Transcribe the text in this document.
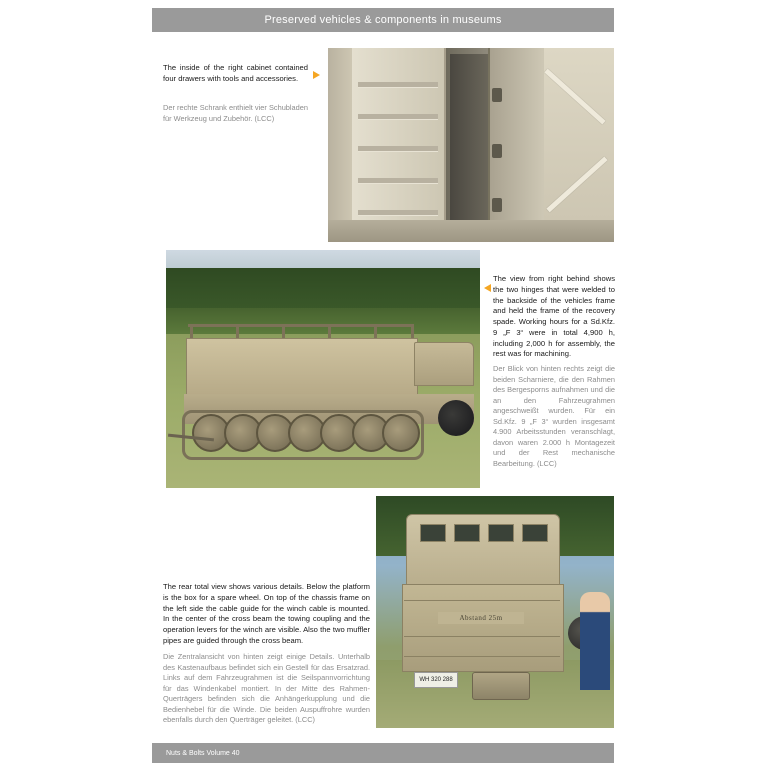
Preserved vehicles & components in museums
The inside of the right cabinet contained four drawers with tools and accessories.
Der rechte Schrank enthielt vier Schubladen für Werkzeug und Zubehör. (LCC)
The view from right behind shows the two hinges that were welded to the backside of the vehicles frame and held the frame of the recovery spade. Working hours for a Sd.Kfz. 9 „F 3“ were in total 4,900 h, including 2,000 h for assembly, the rest was for machining.
Der Blick von hinten rechts zeigt die beiden Scharniere, die den Rahmen des Bergesporns aufnahmen und die an den Fahrzeugrahmen angeschweißt wurden. Für ein Sd.Kfz. 9 „F 3“ wurden insgesamt 4.900 Arbeitsstunden veranschlagt, davon waren 2.000 h Montagezeit und der Rest mechanische Bearbeitung. (LCC)
Abstand 25m
WH 320 288
The rear total view shows various details. Below the platform is the box for a spare wheel. On top of the chassis frame on the left side the cable guide for the winch cable is mounted. In the center of the cross beam the towing coupling and the operation levers for the winch are visible. Also the two muffler pipes are guided through the cross beam.
Die Zentralansicht von hinten zeigt einige Details. Unterhalb des Kastenaufbaus befindet sich ein Gestell für das Ersatzrad. Links auf dem Fahrzeugrahmen ist die Seilspannvorrichtung für das Windenkabel montiert. In der Mitte des Rahmen-Querträgers befinden sich die Anhängerkupplung und die Bedienhebel für die Winde. Die beiden Auspuffrohre wurden ebenfalls durch den Querträger geleitet. (LCC)
Nuts & Bolts Volume 40
